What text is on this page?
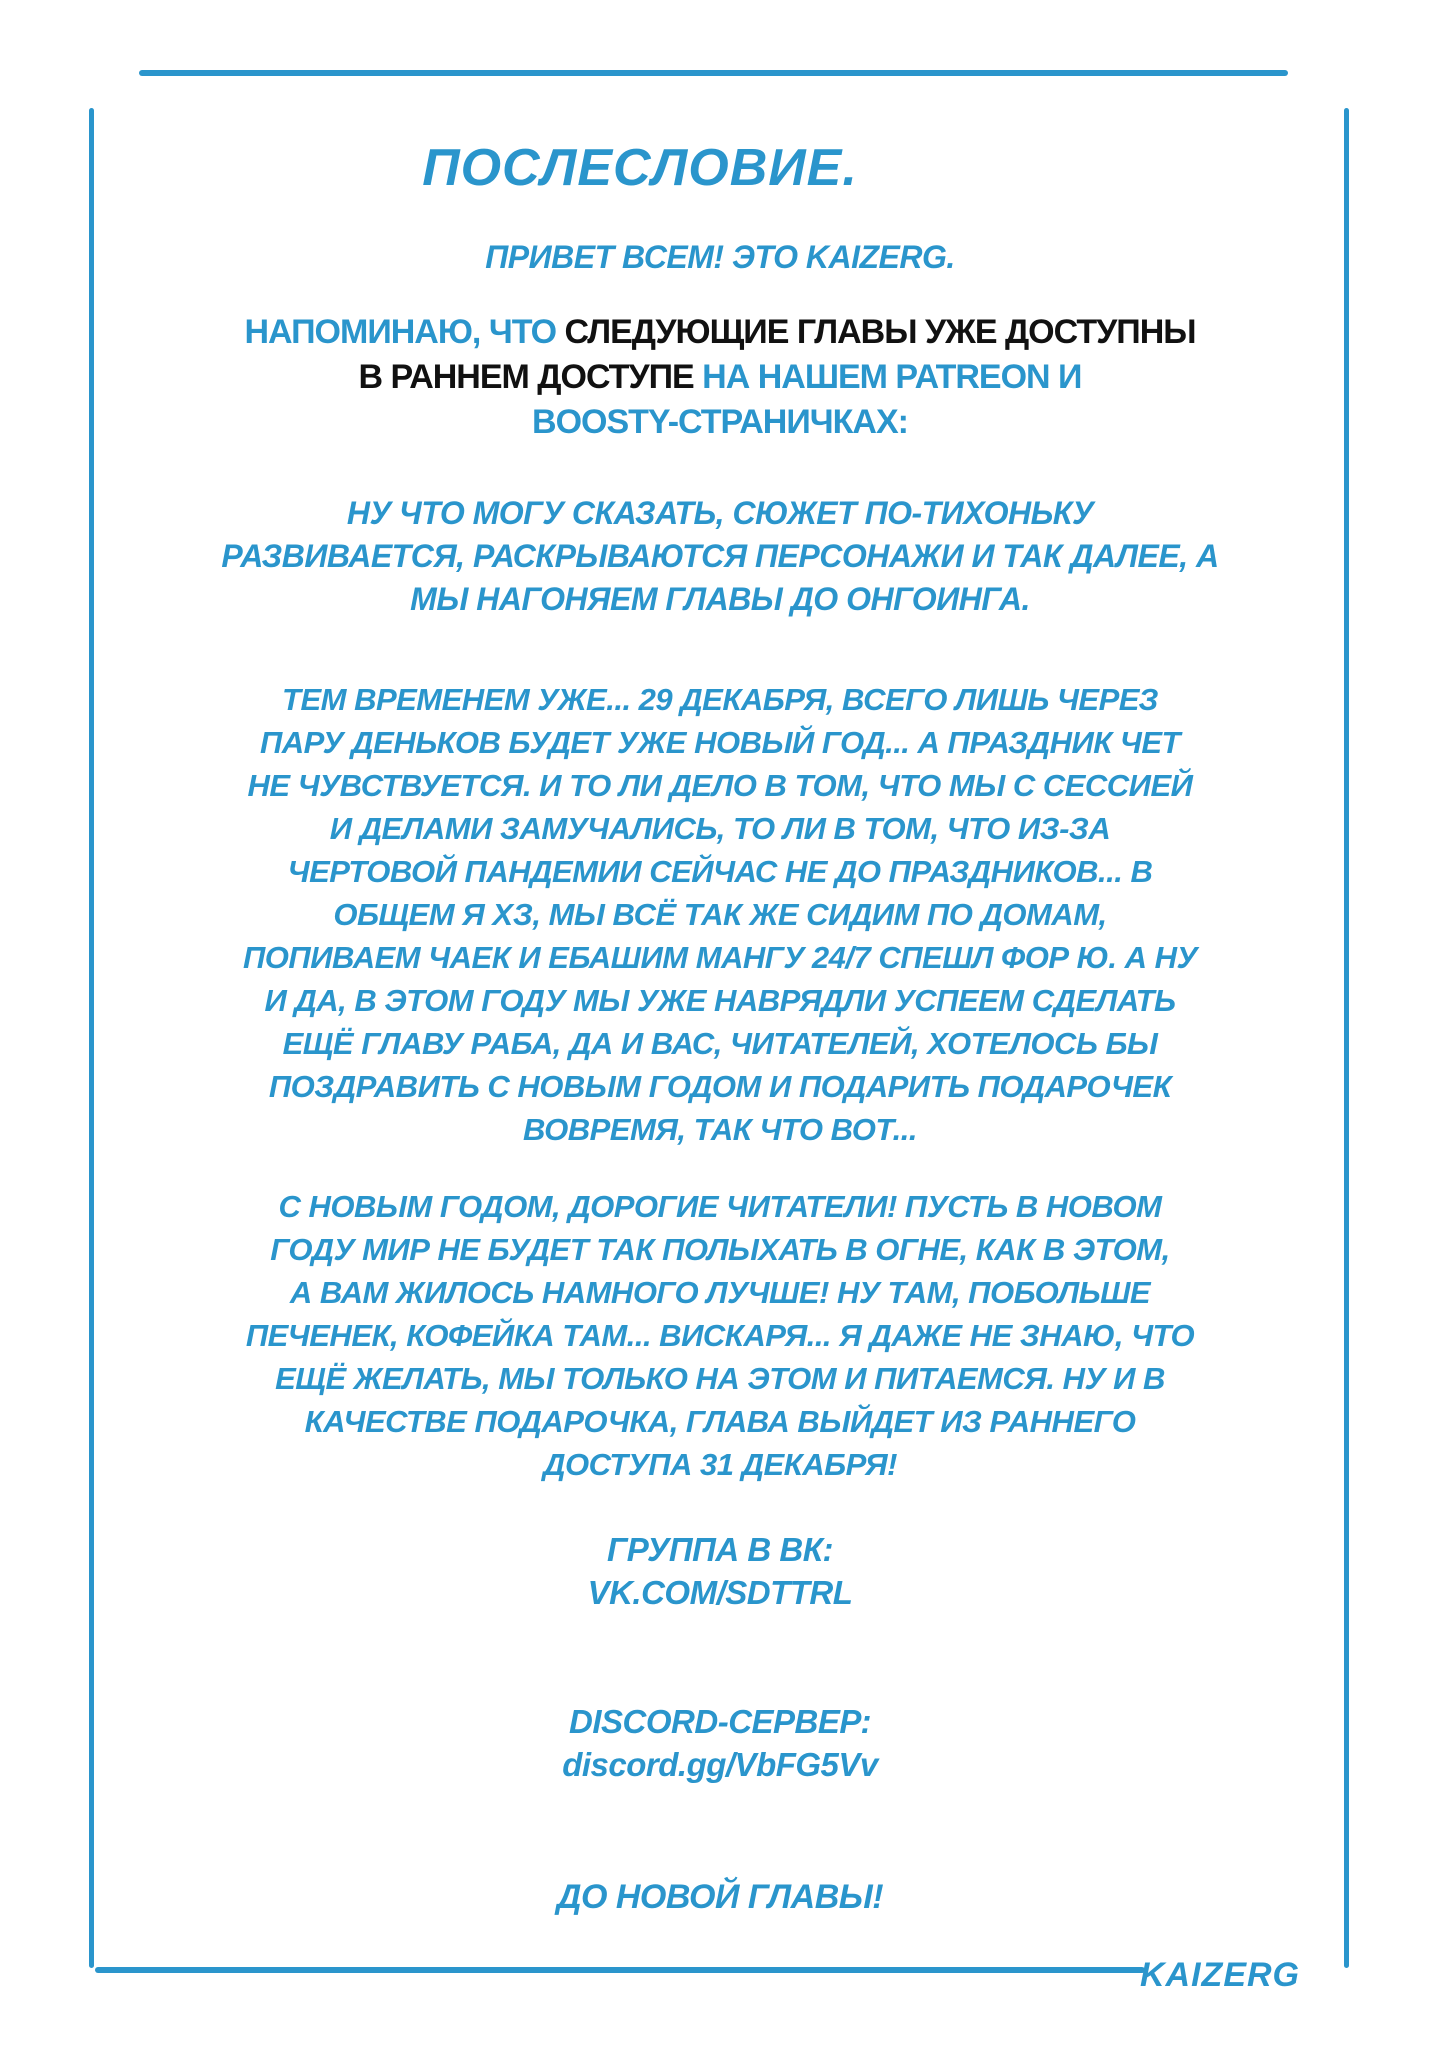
ПОСЛЕСЛОВИЕ.
ПРИВЕТ ВСЕМ! ЭТО KAIZERG.
НАПОМИНАЮ, ЧТО СЛЕДУЮЩИЕ ГЛАВЫ УЖЕ ДОСТУПНЫ
В РАННЕМ ДОСТУПЕ НА НАШЕМ PATREON И
BOOSTY-СТРАНИЧКАХ:
НУ ЧТО МОГУ СКАЗАТЬ, СЮЖЕТ ПО-ТИХОНЬКУ
РАЗВИВАЕТСЯ, РАСКРЫВАЮТСЯ ПЕРСОНАЖИ И ТАК ДАЛЕЕ, А
МЫ НАГОНЯЕМ ГЛАВЫ ДО ОНГОИНГА.
ТЕМ ВРЕМЕНЕМ УЖЕ... 29 ДЕКАБРЯ, ВСЕГО ЛИШЬ ЧЕРЕЗ
ПАРУ ДЕНЬКОВ БУДЕТ УЖЕ НОВЫЙ ГОД... А ПРАЗДНИК ЧЕТ
НЕ ЧУВСТВУЕТСЯ. И ТО ЛИ ДЕЛО В ТОМ, ЧТО МЫ С СЕССИЕЙ
И ДЕЛАМИ ЗАМУЧАЛИСЬ, ТО ЛИ В ТОМ, ЧТО ИЗ-ЗА
ЧЕРТОВОЙ ПАНДЕМИИ СЕЙЧАС НЕ ДО ПРАЗДНИКОВ... В
ОБЩЕМ Я ХЗ, МЫ ВСЁ ТАК ЖЕ СИДИМ ПО ДОМАМ,
ПОПИВАЕМ ЧАЕК И ЕБАШИМ МАНГУ 24/7 СПЕШЛ ФОР Ю. А НУ
И ДА, В ЭТОМ ГОДУ МЫ УЖЕ НАВРЯДЛИ УСПЕЕМ СДЕЛАТЬ
ЕЩЁ ГЛАВУ РАБА, ДА И ВАС, ЧИТАТЕЛЕЙ, ХОТЕЛОСЬ БЫ
ПОЗДРАВИТЬ С НОВЫМ ГОДОМ И ПОДАРИТЬ ПОДАРОЧЕК
ВОВРЕМЯ, ТАК ЧТО ВОТ...
С НОВЫМ ГОДОМ, ДОРОГИЕ ЧИТАТЕЛИ! ПУСТЬ В НОВОМ
ГОДУ МИР НЕ БУДЕТ ТАК ПОЛЫХАТЬ В ОГНЕ, КАК В ЭТОМ,
А ВАМ ЖИЛОСЬ НАМНОГО ЛУЧШЕ! НУ ТАМ, ПОБОЛЬШЕ
ПЕЧЕНЕК, КОФЕЙКА ТАМ... ВИСКАРЯ... Я ДАЖЕ НЕ ЗНАЮ, ЧТО
ЕЩЁ ЖЕЛАТЬ, МЫ ТОЛЬКО НА ЭТОМ И ПИТАЕМСЯ. НУ И В
КАЧЕСТВЕ ПОДАРОЧКА, ГЛАВА ВЫЙДЕТ ИЗ РАННЕГО
ДОСТУПА 31 ДЕКАБРЯ!
ГРУППА В ВК:
VK.COM/SDTTRL
DISCORD-СЕРВЕР:
discord.gg/VbFG5Vv
ДО НОВОЙ ГЛАВЫ!
KAIZERG
